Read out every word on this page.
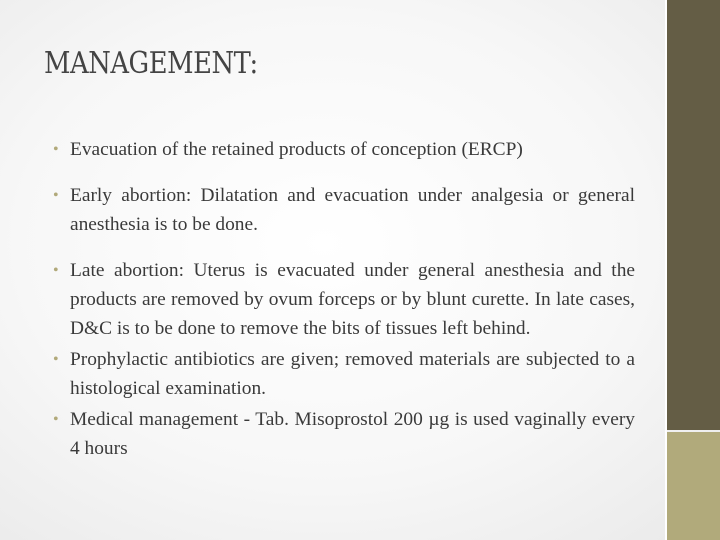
MANAGEMENT:
• Evacuation of the retained products of conception (ERCP)
• Early abortion: Dilatation and evacuation under analgesia or general anesthesia is to be done.
• Late abortion: Uterus is evacuated under general anesthesia and the products are removed by ovum forceps or by blunt curette. In late cases, D&C is to be done to remove the bits of tissues left behind.
• Prophylactic antibiotics are given; removed materials are subjected to a histological examination.
• Medical management - Tab. Misoprostol 200 µg is used vaginally every 4 hours
